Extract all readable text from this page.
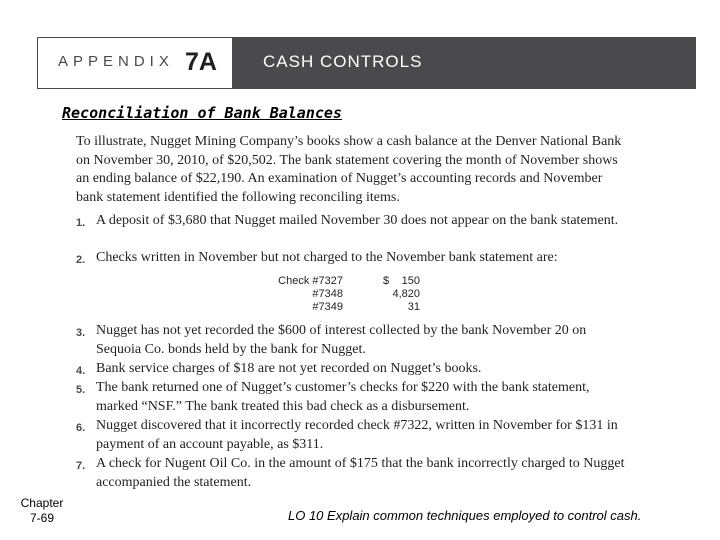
APPENDIX 7A	CASH CONTROLS
Reconciliation of Bank Balances
To illustrate, Nugget Mining Company’s books show a cash balance at the Denver National Bank on November 30, 2010, of $20,502. The bank statement covering the month of November shows an ending balance of $22,190. An examination of Nugget’s accounting records and November bank statement identified the following reconciling items.
1. A deposit of $3,680 that Nugget mailed November 30 does not appear on the bank statement.
2. Checks written in November but not charged to the November bank statement are:
Check #7327	$ 150
#7348	4,820
#7349	31
3. Nugget has not yet recorded the $600 of interest collected by the bank November 20 on Sequoia Co. bonds held by the bank for Nugget.
4. Bank service charges of $18 are not yet recorded on Nugget’s books.
5. The bank returned one of Nugget’s customer’s checks for $220 with the bank statement, marked “NSF.” The bank treated this bad check as a disbursement.
6. Nugget discovered that it incorrectly recorded check #7322, written in November for $131 in payment of an account payable, as $311.
7. A check for Nugent Oil Co. in the amount of $175 that the bank incorrectly charged to Nugget accompanied the statement.
Chapter
7-69	LO 10 Explain common techniques employed to control cash.
